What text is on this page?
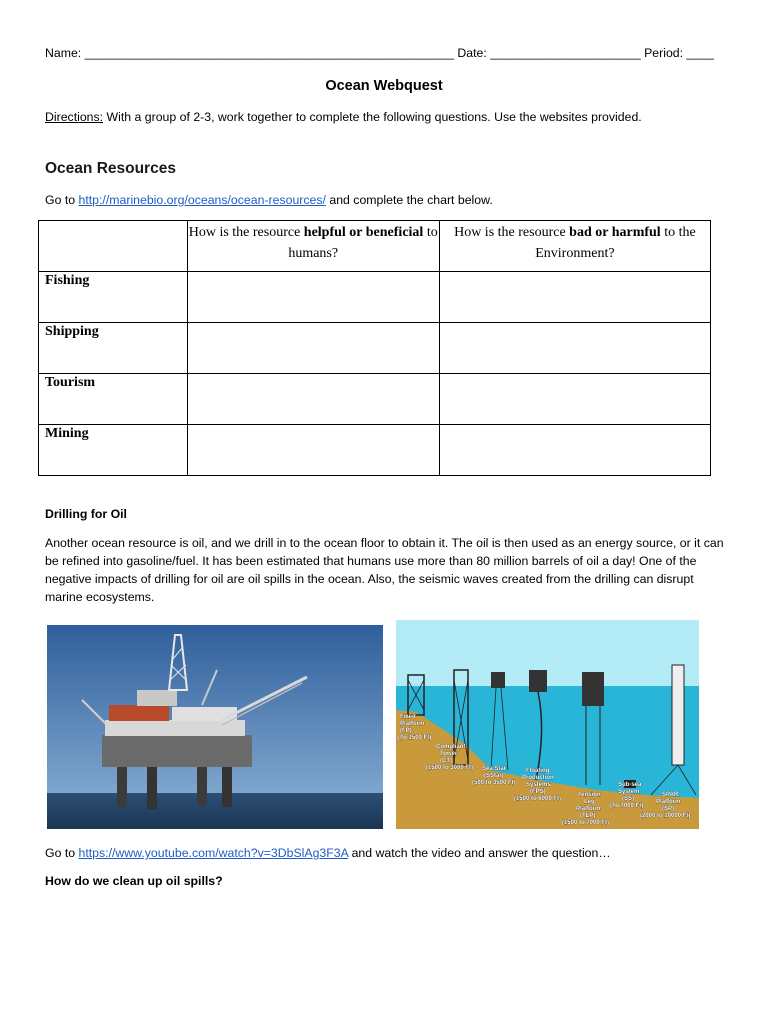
Name: ______________________________________________________ Date: ______________________ Period: ____
Ocean Webquest
Directions: With a group of 2-3, work together to complete the following questions. Use the websites provided.
Ocean Resources
Go to http://marinebio.org/oceans/ocean-resources/ and complete the chart below.
	How is the resource helpful or beneficial to humans?	How is the resource bad or harmful to the Environment?
Fishing		
Shipping		
Tourism		
Mining		
Drilling for Oil
Another ocean resource is oil, and we drill in to the ocean floor to obtain it. The oil is then used as an energy source, or it can be refined into gasoline/fuel. It has been estimated that humans use more than 80 million barrels of oil a day! One of the negative impacts of drilling for oil are oil spills in the ocean. Also, the seismic waves created from the drilling can disrupt marine ecosystems.
Fixed Platform (FP) (To 1500 Ft)
Compliant Tower (CT) (1500 to 3000 Ft)	Sea Star (SStar) (500 to 3500 Ft)
Floating Production Systems (FPS) (1500 to 6000 Ft)
Tension Leg Platform (TLP) (1500 to 7000 Ft)
Sub-sea System (SS) (To 7000 Ft)
SPAR Platform (SP) (2000 to 10000 Ft)
Go to https://www.youtube.com/watch?v=3DbSlAg3F3A and watch the video and answer the question…
How do we clean up oil spills?
